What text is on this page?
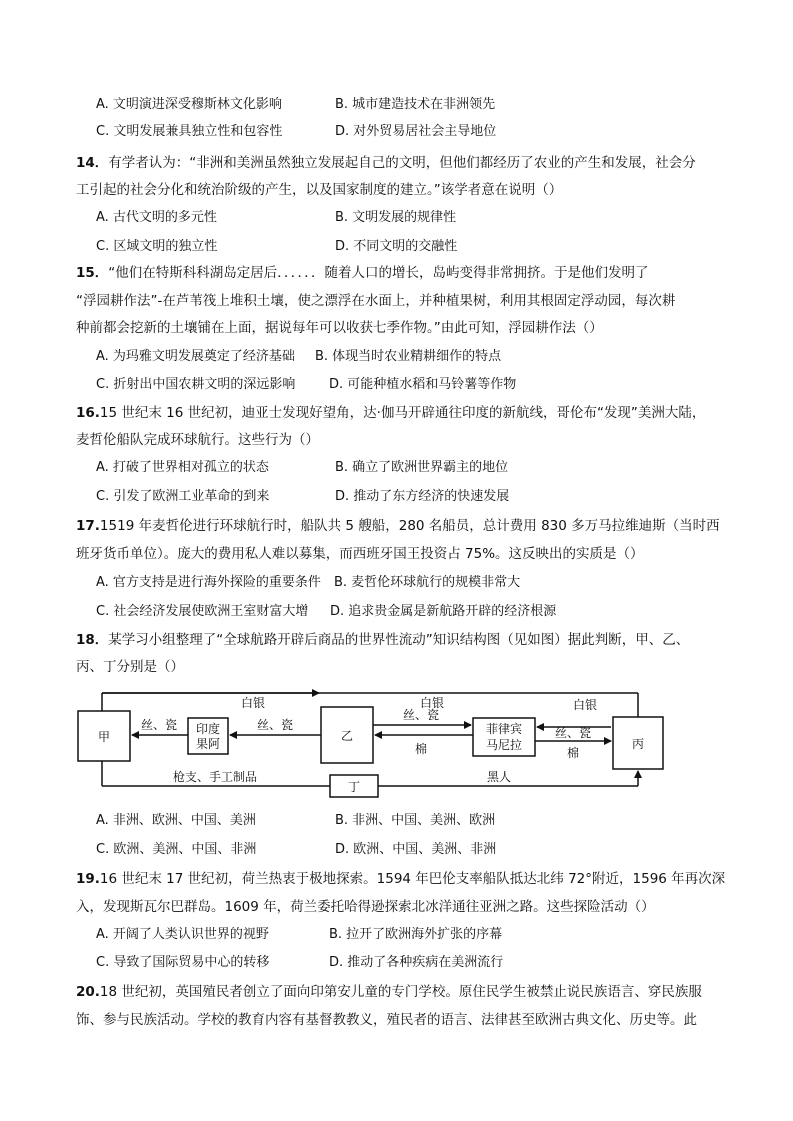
A. 文明演进深受穆斯林文化影响	B. 城市建造技术在非洲领先
C. 文明发展兼具独立性和包容性	D. 对外贸易居社会主导地位
14．有学者认为：“非洲和美洲虽然独立发展起自己的文明，但他们都经历了农业的产生和发展，社会分
工引起的社会分化和统治阶级的产生，以及国家制度的建立。”该学者意在说明（）
A. 古代文明的多元性	B. 文明发展的规律性
C. 区域文明的独立性	D. 不同文明的交融性
15．“他们在特斯科科湖岛定居后．．．．．．随着人口的增长，岛屿变得非常拥挤。于是他们发明了
“浮园耕作法”-在芦苇筏上堆积土壤，使之漂浮在水面上，并种植果树，利用其根固定浮动园，每次耕
种前都会挖新的土壤铺在上面，据说每年可以收获七季作物。”由此可知，浮园耕作法（）
A. 为玛雅文明发展奠定了经济基础 B. 体现当时农业精耕细作的特点
C. 折射出中国农耕文明的深远影响	D. 可能种植水稻和马铃薯等作物
16.15 世纪末 16 世纪初，迪亚士发现好望角，达·伽马开辟通往印度的新航线，哥伦布“发现”美洲大陆，
麦哲伦船队完成环球航行。这些行为（）
A. 打破了世界相对孤立的状态	B. 确立了欧洲世界霸主的地位
C. 引发了欧洲工业革命的到来	D. 推动了东方经济的快速发展
17.1519 年麦哲伦进行环球航行时，船队共 5 艘船，280 名船员，总计费用 830 多万马拉维迪斯（当时西
班牙货币单位）。庞大的费用私人难以募集，而西班牙国王投资占 75%。这反映出的实质是（）
A. 官方支持是进行海外探险的重要条件 B. 麦哲伦环球航行的规模非常大
C. 社会经济发展使欧洲王室财富大增 D. 追求贵金属是新航路开辟的经济根源
18．某学习小组整理了“全球航路开辟后商品的世界性流动”知识结构图（见如图）据此判断，甲、乙、
丙、丁分别是（）
甲
印度
果阿
乙	菲律宾
马尼拉	丙
丁
白银	白银	白银
丝、瓷	丝、瓷
丝、瓷
丝、瓷
棉	棉
枪支、手工制品	黑人
A. 非洲、欧洲、中国、美洲	B. 非洲、中国、美洲、欧洲
C. 欧洲、美洲、中国、非洲	D. 欧洲、中国、美洲、非洲
19.16 世纪末 17 世纪初，荷兰热衷于极地探索。1594 年巴伦支率船队抵达北纬 72°附近，1596 年再次深
入，发现斯瓦尔巴群岛。1609 年，荷兰委托哈得逊探索北冰洋通往亚洲之路。这些探险活动（）
A. 开阔了人类认识世界的视野	B. 拉开了欧洲海外扩张的序幕
C. 导致了国际贸易中心的转移	D. 推动了各种疾病在美洲流行
20.18 世纪初，英国殖民者创立了面向印第安儿童的专门学校。原住民学生被禁止说民族语言、穿民族服
饰、参与民族活动。学校的教育内容有基督教教义，殖民者的语言、法律甚至欧洲古典文化、历史等。此
